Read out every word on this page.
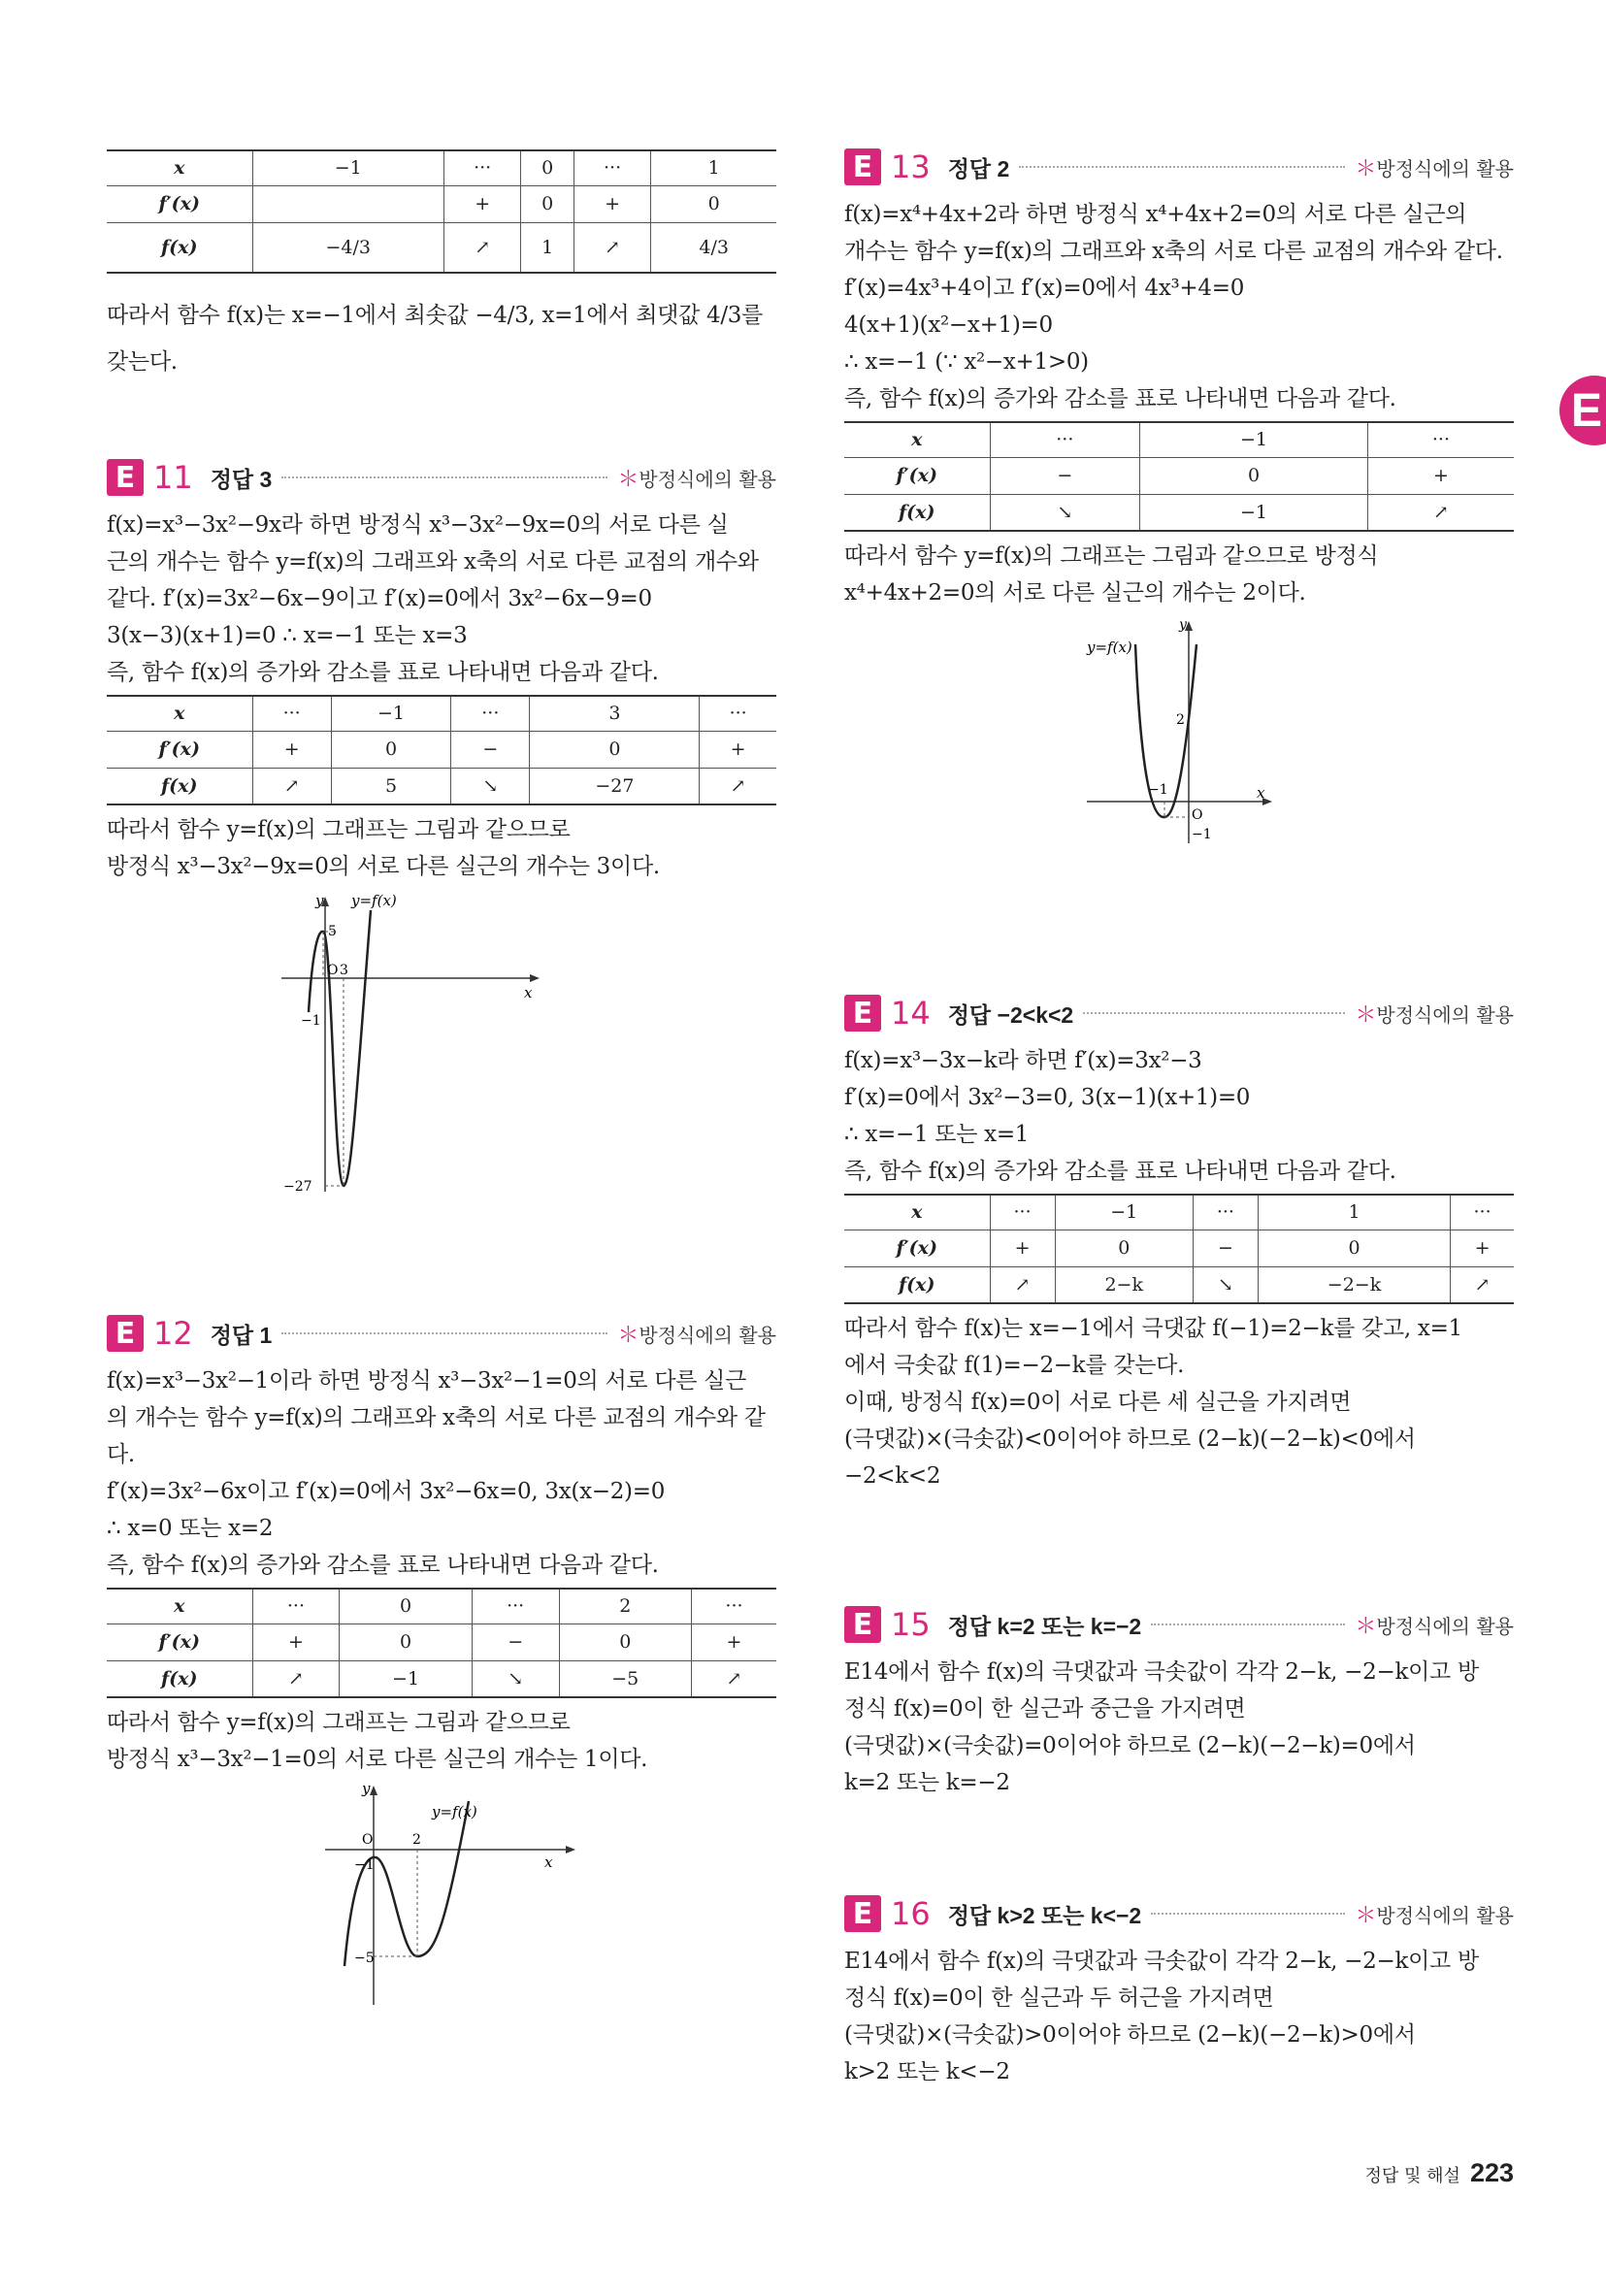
x	−1	···	0	···	1
f′(x)		+	0	+	0
f(x)	−4/3	↗	1	↗	4/3

따라서 함수 f(x)는 x=−1에서 최솟값 −4/3, x=1에서 최댓값 4/3를

갖는다.

E 11 정답 3	＊방정식에의 활용

f(x)=x³−3x²−9x라 하면 방정식 x³−3x²−9x=0의 서로 다른 실

근의 개수는 함수 y=f(x)의 그래프와 x축의 서로 다른 교점의 개수와

같다. f′(x)=3x²−6x−9이고 f′(x)=0에서 3x²−6x−9=0

3(x−3)(x+1)=0 ∴ x=−1 또는 x=3

즉, 함수 f(x)의 증가와 감소를 표로 나타내면 다음과 같다.

x	···	−1	···	3	···
f′(x)	+	0	−	0	+
f(x)	↗	5	↘	−27	↗

따라서 함수 y=f(x)의 그래프는 그림과 같으므로

방정식 x³−3x²−9x=0의 서로 다른 실근의 개수는 3이다.

y y=f(x)
x
5
O 3
−1
−27
E 12 정답 1	＊방정식에의 활용

f(x)=x³−3x²−1이라 하면 방정식 x³−3x²−1=0의 서로 다른 실근

의 개수는 함수 y=f(x)의 그래프와 x축의 서로 다른 교점의 개수와 같

다.

f′(x)=3x²−6x이고 f′(x)=0에서 3x²−6x=0, 3x(x−2)=0

∴ x=0 또는 x=2

즉, 함수 f(x)의 증가와 감소를 표로 나타내면 다음과 같다.

x	···	0	···	2	···
f′(x)	+	0	−	0	+
f(x)	↗	−1	↘	−5	↗

따라서 함수 y=f(x)의 그래프는 그림과 같으므로

방정식 x³−3x²−1=0의 서로 다른 실근의 개수는 1이다.

y
y=f(x)
x
O	2
−1
−5
E 13 정답 2	＊방정식에의 활용

f(x)=x⁴+4x+2라 하면 방정식 x⁴+4x+2=0의 서로 다른 실근의

개수는 함수 y=f(x)의 그래프와 x축의 서로 다른 교점의 개수와 같다.

f′(x)=4x³+4이고 f′(x)=0에서 4x³+4=0

4(x+1)(x²−x+1)=0

∴ x=−1 (∵ x²−x+1>0)

즉, 함수 f(x)의 증가와 감소를 표로 나타내면 다음과 같다.

x	···	−1	···
f′(x)	−	0	+
f(x)	↘	−1	↗

따라서 함수 y=f(x)의 그래프는 그림과 같으므로 방정식

x⁴+4x+2=0의 서로 다른 실근의 개수는 2이다.

y
y=f(x)
x
O
2
−1
−1
E 14 정답 −2<k<2	＊방정식에의 활용

f(x)=x³−3x−k라 하면 f′(x)=3x²−3

f′(x)=0에서 3x²−3=0, 3(x−1)(x+1)=0

∴ x=−1 또는 x=1

즉, 함수 f(x)의 증가와 감소를 표로 나타내면 다음과 같다.

x	···	−1	···	1	···
f′(x)	+	0	−	0	+
f(x)	↗	2−k	↘	−2−k	↗

따라서 함수 f(x)는 x=−1에서 극댓값 f(−1)=2−k를 갖고, x=1

에서 극솟값 f(1)=−2−k를 갖는다.

이때, 방정식 f(x)=0이 서로 다른 세 실근을 가지려면

(극댓값)×(극솟값)<0이어야 하므로 (2−k)(−2−k)<0에서

−2<k<2

E 15 정답 k=2 또는 k=−2	＊방정식에의 활용

E14에서 함수 f(x)의 극댓값과 극솟값이 각각 2−k, −2−k이고 방

정식 f(x)=0이 한 실근과 중근을 가지려면

(극댓값)×(극솟값)=0이어야 하므로 (2−k)(−2−k)=0에서

k=2 또는 k=−2

E 16 정답 k>2 또는 k<−2	＊방정식에의 활용

E14에서 함수 f(x)의 극댓값과 극솟값이 각각 2−k, −2−k이고 방

정식 f(x)=0이 한 실근과 두 허근을 가지려면

(극댓값)×(극솟값)>0이어야 하므로 (2−k)(−2−k)>0에서

k>2 또는 k<−2

E
정답 및 해설 223
